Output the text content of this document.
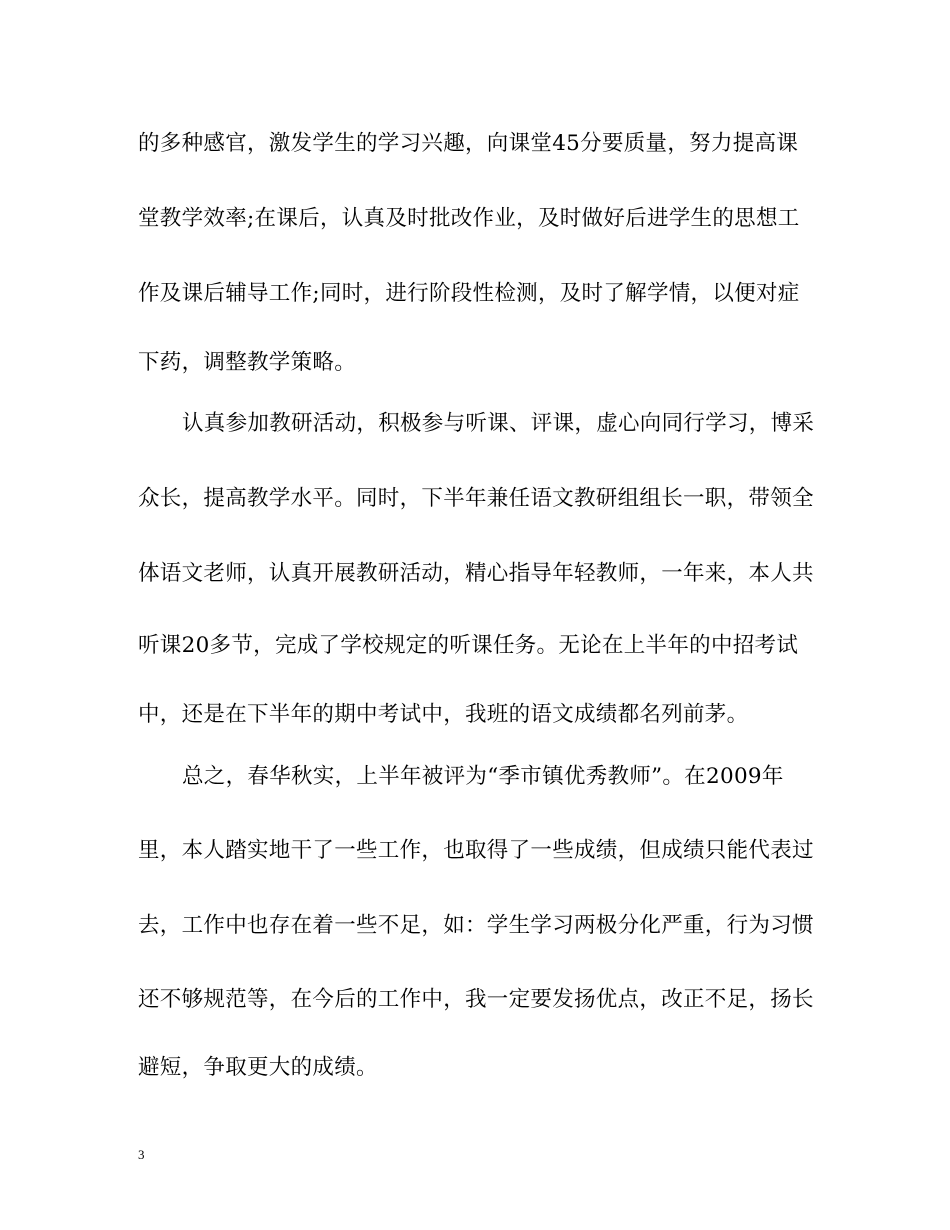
的多种感官，激发学生的学习兴趣，向课堂45分要质量，努力提高课
堂教学效率;在课后，认真及时批改作业，及时做好后进学生的思想工
作及课后辅导工作;同时，进行阶段性检测，及时了解学情，以便对症
下药，调整教学策略。
认真参加教研活动，积极参与听课、评课，虚心向同行学习，博采
众长，提高教学水平。同时，下半年兼任语文教研组组长一职，带领全
体语文老师，认真开展教研活动，精心指导年轻教师，一年来，本人共
听课20多节，完成了学校规定的听课任务。无论在上半年的中招考试
中，还是在下半年的期中考试中，我班的语文成绩都名列前茅。
总之，春华秋实，上半年被评为“季市镇优秀教师”。在2009年
里，本人踏实地干了一些工作，也取得了一些成绩，但成绩只能代表过
去，工作中也存在着一些不足，如：学生学习两极分化严重，行为习惯
还不够规范等，在今后的工作中，我一定要发扬优点，改正不足，扬长
避短，争取更大的成绩。
3
